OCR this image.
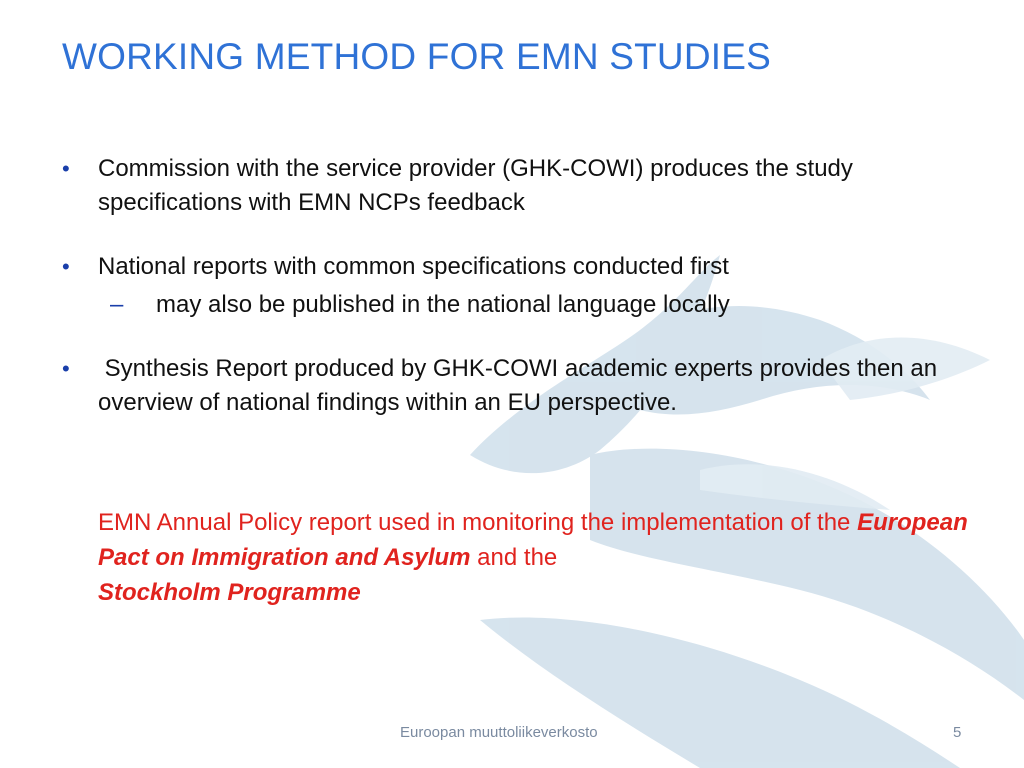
WORKING METHOD FOR EMN STUDIES
• Commission with the service provider (GHK-COWI) produces the study specifications with EMN NCPs feedback
• National reports with common specifications conducted first
– may also be published in the national language locally
• Synthesis Report produced by GHK-COWI academic experts provides then an overview of national findings within an EU perspective.
EMN Annual Policy report used in monitoring the implementation of the European Pact on Immigration and Asylum and the
Stockholm Programme
Euroopan muuttoliikeverkosto	5
